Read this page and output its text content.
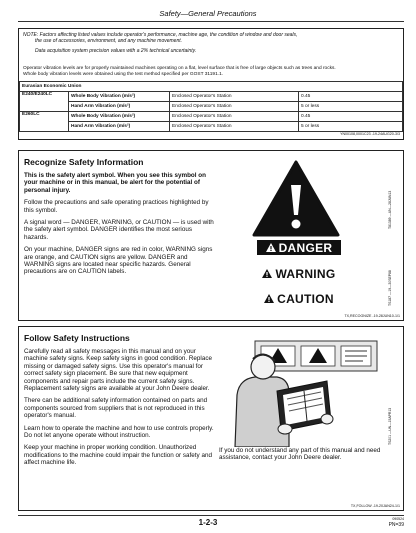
Safety—General Precautions
NOTE: Factors affecting listed values include operator's performance, machine age, the condition of window and door seals,
the use of accessories, environment, and any machine movement.
Data acquisition system precision values with a 2% technical uncertainty.
Operator vibration levels are for properly maintained machines operating on a flat, level surface that is free of large objects such as trees and rocks.
Whole body vibration levels were obtained using the test method specified per GOST 31191.1.
Eurasian Economic Union			
E240/E240LC	Whole Body Vibration (m/s²)	Enclosed Operator's Station	0.45
	Hand Arm Vibration (m/s²)	Enclosed Operator's Station	5 or less
E260LC	Whole Body Vibration (m/s²)	Enclosed Operator's Station	0.45
	Hand Arm Vibration (m/s²)	Enclosed Operator's Station	5 or less
YN00108,0001C23 -19-24AUG20-3/3
Recognize Safety Information

This is the safety alert symbol. When you see this symbol on your machine or in this manual, be alert for the potential of personal injury.

Follow the precautions and safe operating practices highlighted by this symbol.

A signal word — DANGER, WARNING, or CAUTION — is used with the safety alert symbol. DANGER identifies the most serious hazards.

On your machine, DANGER signs are red in color, WARNING signs are orange, and CAUTION signs are yellow. DANGER and WARNING signs are located near specific hazards. General precautions are on CAUTION labels.

T81389 —UN—28JUN13
DANGER
WARNING
CAUTION	TS187 —19—30SEP88
TX,RECOGNIZE -19-28JUN10-1/1
Follow Safety Instructions

Carefully read all safety messages in this manual and on your machine safety signs. Keep safety signs in good condition. Replace missing or damaged safety signs. Use this operator's manual for correct safety sign placement. Be sure that new equipment components and repair parts include the current safety signs. Replacement safety signs are available at your John Deere dealer.

There can be additional safety information contained on parts and components sourced from suppliers that is not reproduced in this operator's manual.

Learn how to operate the machine and how to use controls properly. Do not let anyone operate without instruction.

Keep your machine in proper working condition. Unauthorized modifications to the machine could impair the function or safety and affect machine life.

TS201 —UN—15APR13
If you do not understand any part of this manual and need assistance, contact your John Deere dealer.
TX,FOLLOW -19-20JAN24-1/1
1-2-3	090524
PN=39
